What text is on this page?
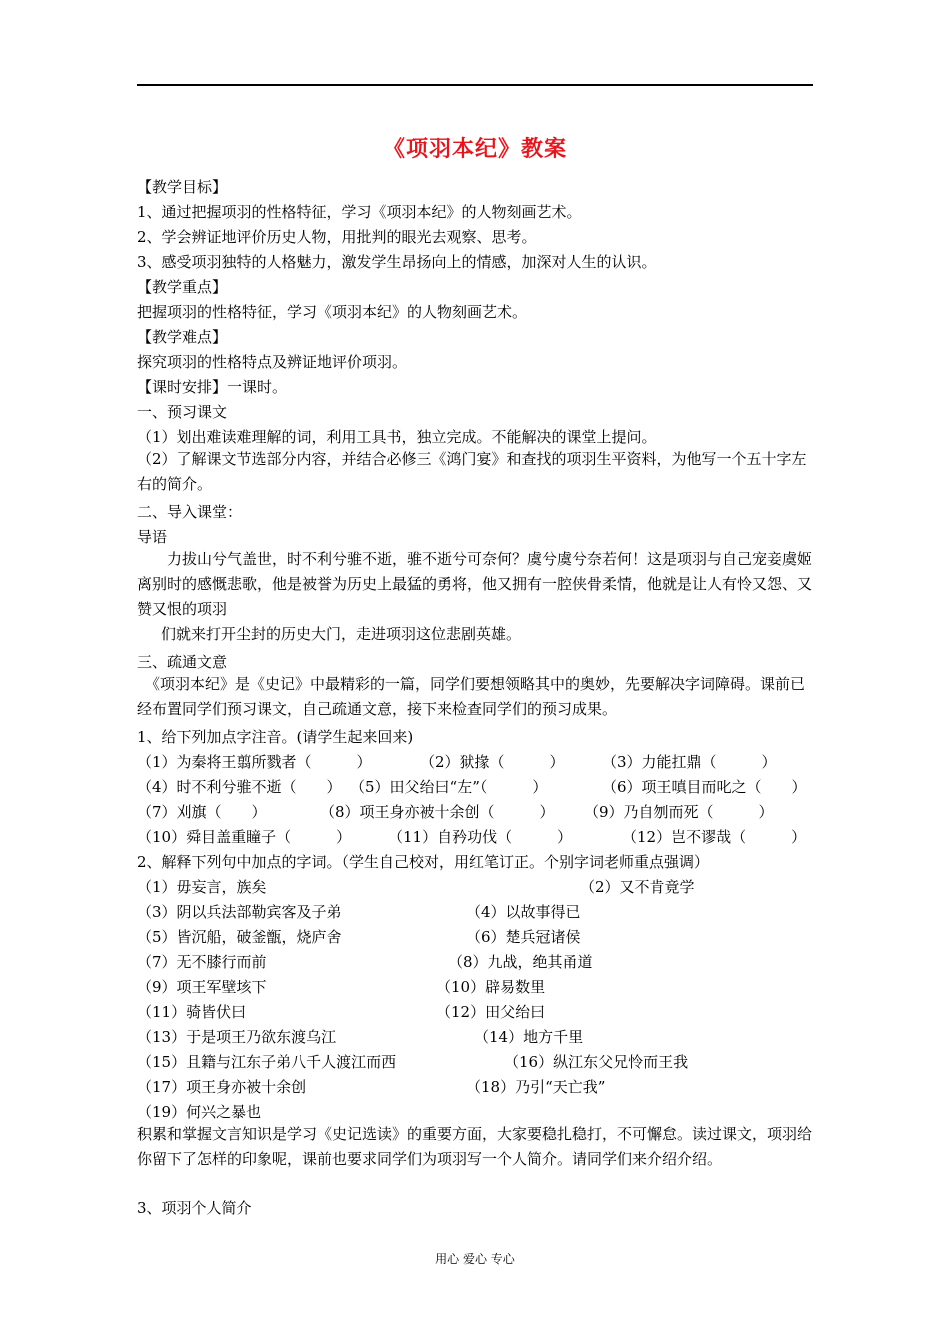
《项羽本纪》教案
【教学目标】
1、通过把握项羽的性格特征，学习《项羽本纪》的人物刻画艺术。
2、学会辨证地评价历史人物，用批判的眼光去观察、思考。
3、感受项羽独特的人格魅力，激发学生昂扬向上的情感，加深对人生的认识。
【教学重点】
把握项羽的性格特征，学习《项羽本纪》的人物刻画艺术。
【教学难点】
探究项羽的性格特点及辨证地评价项羽。
【课时安排】一课时。
一、预习课文
（1）划出难读难理解的词，利用工具书，独立完成。不能解决的课堂上提问。
（2）了解课文节选部分内容，并结合必修三《鸿门宴》和查找的项羽生平资料，为他写一个五十字左右的简介。
二、导入课堂：
导语
力拔山兮气盖世，时不利兮骓不逝，骓不逝兮可奈何？虞兮虞兮奈若何！这是项羽与自己宠妾虞姬离别时的感慨悲歌，他是被誉为历史上最猛的勇将，他又拥有一腔侠骨柔情，他就是让人有怜又怨、又赞又恨的项羽
们就来打开尘封的历史大门，走进项羽这位悲剧英雄。
三、疏通文意
《项羽本纪》是《史记》中最精彩的一篇，同学们要想领略其中的奥妙，先要解决字词障碍。课前已经布置同学们预习课文，自己疏通文意，接下来检查同学们的预习成果。
1、给下列加点字注音。(请学生起来回来)
（1）为秦将王翦所戮者（　　　）	（2）狱掾（　　　） （3）力能扛鼎（　　　）
（4）时不利兮骓不逝（　　） （5）田父绐曰“左”（　　　）	（6）项王嗔目而叱之（　　）
（7）刈旗（　　）	（8）项王身亦被十余创（　　　） （9）乃自刎而死（　　　）
（10）舜目盖重瞳子（　　　） （11）自矜功伐（　　　）	（12）岂不谬哉（　　　）
2、解释下列句中加点的字词。（学生自己校对，用红笔订正。个别字词老师重点强调）
（1）毋妄言，族矣	（2）又不肯竟学
（3）阴以兵法部勒宾客及子弟	（4）以故事得已
（5）皆沉船，破釜甑，烧庐舍	（6）楚兵冠诸侯
（7）无不膝行而前	（8）九战，绝其甬道
（9）项王军壁垓下	（10）辟易数里
（11）骑皆伏曰	（12）田父绐曰
（13）于是项王乃欲东渡乌江	（14）地方千里
（15）且籍与江东子弟八千人渡江而西	（16）纵江东父兄怜而王我
（17）项王身亦被十余创	（18）乃引“天亡我”
（19）何兴之暴也
积累和掌握文言知识是学习《史记选读》的重要方面，大家要稳扎稳打，不可懈怠。读过课文，项羽给你留下了怎样的印象呢，课前也要求同学们为项羽写一个人简介。请同学们来介绍介绍。
3、项羽个人简介
用心 爱心 专心
